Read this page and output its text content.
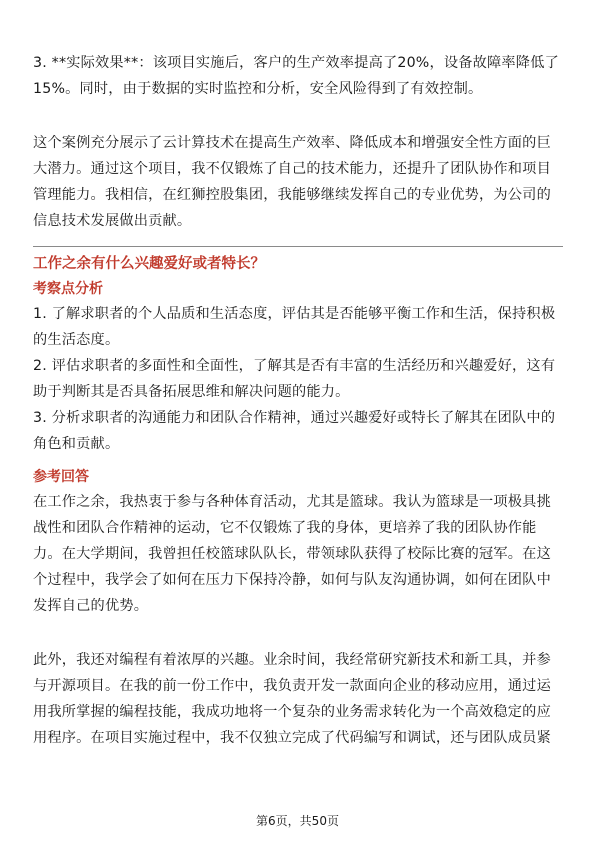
3. **实际效果**：该项目实施后，客户的生产效率提高了20%，设备故障率降低了15%。同时，由于数据的实时监控和分析，安全风险得到了有效控制。

这个案例充分展示了云计算技术在提高生产效率、降低成本和增强安全性方面的巨大潜力。通过这个项目，我不仅锻炼了自己的技术能力，还提升了团队协作和项目管理能力。我相信，在红狮控股集团，我能够继续发挥自己的专业优势，为公司的信息技术发展做出贡献。

工作之余有什么兴趣爱好或者特长？

考察点分析

1. 了解求职者的个人品质和生活态度，评估其是否能够平衡工作和生活，保持积极的生活态度。

2. 评估求职者的多面性和全面性，了解其是否有丰富的生活经历和兴趣爱好，这有助于判断其是否具备拓展思维和解决问题的能力。

3. 分析求职者的沟通能力和团队合作精神，通过兴趣爱好或特长了解其在团队中的角色和贡献。

参考回答

在工作之余，我热衷于参与各种体育活动，尤其是篮球。我认为篮球是一项极具挑战性和团队合作精神的运动，它不仅锻炼了我的身体，更培养了我的团队协作能力。在大学期间，我曾担任校篮球队队长，带领球队获得了校际比赛的冠军。在这个过程中，我学会了如何在压力下保持冷静，如何与队友沟通协调，如何在团队中发挥自己的优势。

此外，我还对编程有着浓厚的兴趣。业余时间，我经常研究新技术和新工具，并参与开源项目。在我的前一份工作中，我负责开发一款面向企业的移动应用，通过运用我所掌握的编程技能，我成功地将一个复杂的业务需求转化为一个高效稳定的应用程序。在项目实施过程中，我不仅独立完成了代码编写和调试，还与团队成员紧

第6页，共50页
